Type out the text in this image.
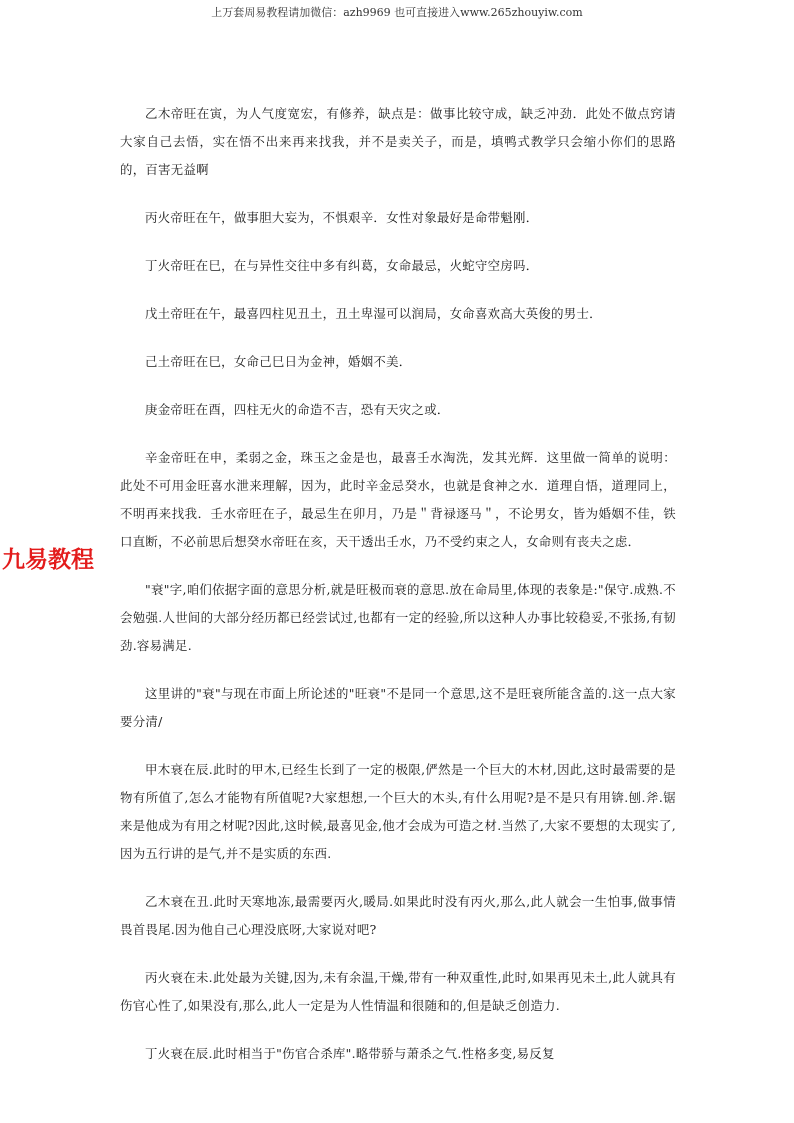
上万套周易教程请加微信：azh9969 也可直接进入www.265zhouyiw.com
九易教程

乙木帝旺在寅，为人气度宽宏，有修养，缺点是：做事比较守成，缺乏冲劲．此处不做点窍请大家自己去悟，实在悟不出来再来找我，并不是卖关子，而是，填鸭式教学只会缩小你们的思路的，百害无益啊

丙火帝旺在午，做事胆大妄为，不惧艰辛．女性对象最好是命带魁刚．

丁火帝旺在巳，在与异性交往中多有纠葛，女命最忌，火蛇守空房吗．

戊土帝旺在午，最喜四柱见丑土，丑土卑湿可以润局，女命喜欢高大英俊的男士．

己土帝旺在巳，女命己巳日为金神，婚姻不美．

庚金帝旺在酉，四柱无火的命造不吉，恐有天灾之或．

辛金帝旺在申，柔弱之金，珠玉之金是也，最喜壬水淘洗，发其光辉．这里做一简单的说明：此处不可用金旺喜水泄来理解，因为，此时辛金忌癸水，也就是食神之水．道理自悟，道理同上，不明再来找我．壬水帝旺在子，最忌生在卯月，乃是＂背禄逐马＂，不论男女，皆为婚姻不佳，铁口直断，不必前思后想癸水帝旺在亥，天干透出壬水，乃不受约束之人，女命则有丧夫之虑．

"衰"字,咱们依据字面的意思分析,就是旺极而衰的意思.放在命局里,体现的表象是:"保守.成熟.不会勉强.人世间的大部分经历都已经尝试过,也都有一定的经验,所以这种人办事比较稳妥,不张扬,有韧劲.容易满足.

这里讲的"衰"与现在市面上所论述的"旺衰"不是同一个意思,这不是旺衰所能含盖的.这一点大家要分清/

甲木衰在辰.此时的甲木,已经生长到了一定的极限,俨然是一个巨大的木材,因此,这时最需要的是物有所值了,怎么才能物有所值呢?大家想想,一个巨大的木头,有什么用呢?是不是只有用锛.刨.斧.锯来是他成为有用之材呢?因此,这时候,最喜见金,他才会成为可造之材.当然了,大家不要想的太现实了,因为五行讲的是气,并不是实质的东西.

乙木衰在丑.此时天寒地冻,最需要丙火,暖局.如果此时没有丙火,那么,此人就会一生怕事,做事情畏首畏尾.因为他自己心理没底呀,大家说对吧?

丙火衰在未.此处最为关键,因为,未有余温,干燥,带有一种双重性,此时,如果再见未土,此人就具有伤官心性了,如果没有,那么,此人一定是为人性情温和很随和的,但是缺乏创造力.

丁火衰在辰.此时相当于"伤官合杀库".略带骄与萧杀之气.性格多变,易反复
